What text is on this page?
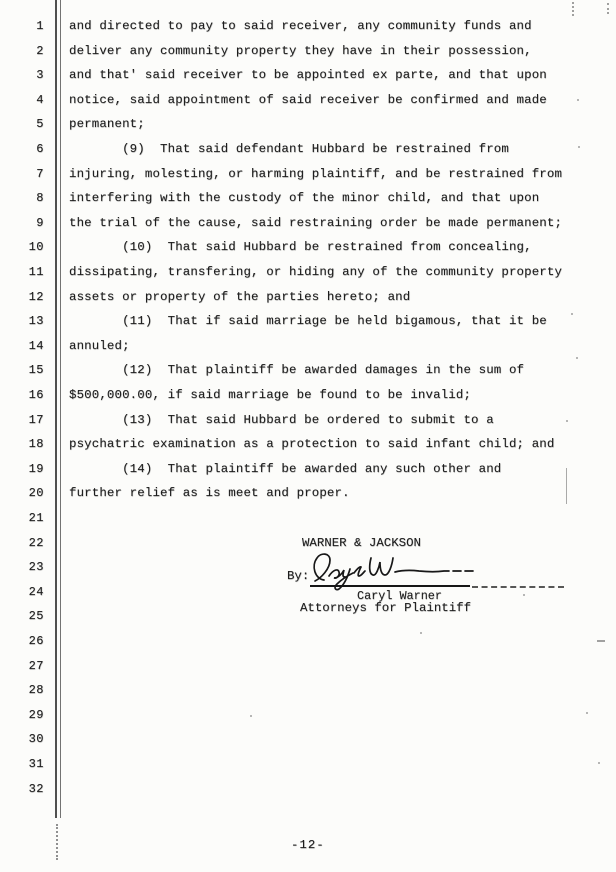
1 and directed to pay to said receiver, any community funds and
2 deliver any community property they have in their possession,
3 and that' said receiver to be appointed ex parte, and that upon
4 notice, said appointment of said receiver be confirmed and made
5 permanent;
6 (9)  That said defendant Hubbard be restrained from
7 injuring, molesting, or harming plaintiff, and be restrained from
8 interfering with the custody of the minor child, and that upon
9 the trial of the cause, said restraining order be made permanent;
10 (10)  That said Hubbard be restrained from concealing,
11 dissipating, transfering, or hiding any of the community property
12 assets or property of the parties hereto; and
13 (11)  That if said marriage be held bigamous, that it be
14 annuled;
15 (12)  That plaintiff be awarded damages in the sum of
16 $500,000.00, if said marriage be found to be invalid;
17 (13)  That said Hubbard be ordered to submit to a
18 psychatric examination as a protection to said infant child; and
19 (14)  That plaintiff be awarded any such other and
20 further relief as is meet and proper.
21
22
23
24
25
26
27
28
29
30
31
32
WARNER & JACKSON
By:
Caryl Warner
Attorneys for Plaintiff
-12-
